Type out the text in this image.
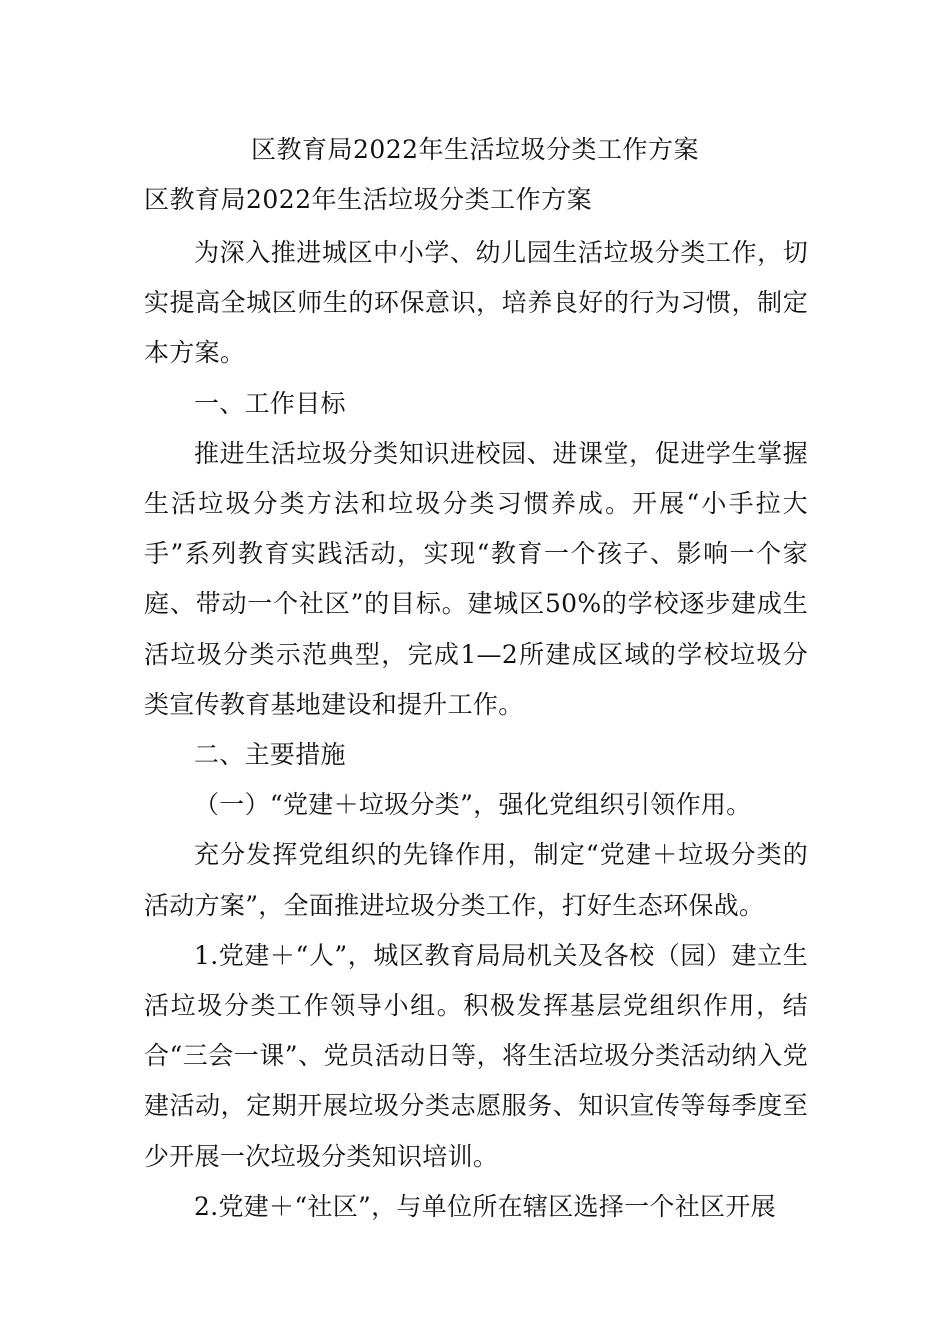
区教育局2022年生活垃圾分类工作方案

区教育局2022年生活垃圾分类工作方案

为深入推进城区中小学、幼儿园生活垃圾分类工作，切实提高全城区师生的环保意识，培养良好的行为习惯，制定本方案。

一、工作目标

推进生活垃圾分类知识进校园、进课堂，促进学生掌握生活垃圾分类方法和垃圾分类习惯养成。开展“小手拉大手”系列教育实践活动，实现“教育一个孩子、影响一个家庭、带动一个社区”的目标。建城区50%的学校逐步建成生活垃圾分类示范典型，完成1—2所建成区域的学校垃圾分类宣传教育基地建设和提升工作。

二、主要措施

（一）“党建＋垃圾分类”，强化党组织引领作用。

充分发挥党组织的先锋作用，制定“党建＋垃圾分类的活动方案”，全面推进垃圾分类工作，打好生态环保战。

1.党建＋“人”，城区教育局局机关及各校（园）建立生活垃圾分类工作领导小组。积极发挥基层党组织作用，结合“三会一课”、党员活动日等，将生活垃圾分类活动纳入党建活动，定期开展垃圾分类志愿服务、知识宣传等每季度至少开展一次垃圾分类知识培训。

2.党建＋“社区”，与单位所在辖区选择一个社区开展
